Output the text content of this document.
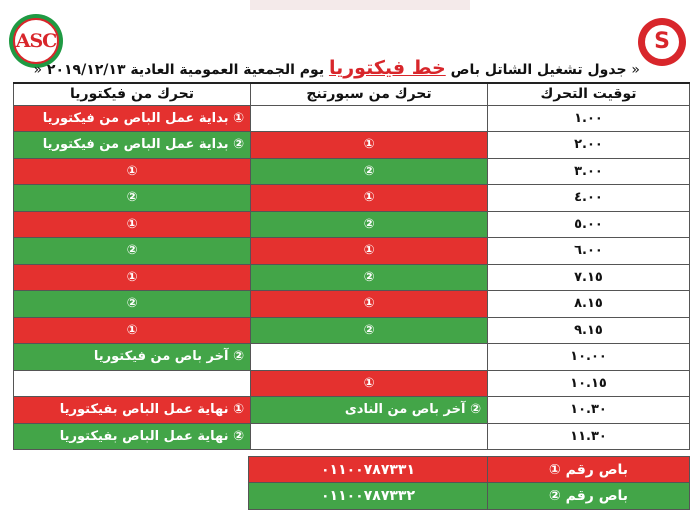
ASC	S
« جدول تشغيل الشاتل باص خط فيكتوريا يوم الجمعية العمومية العادية ٢٠١٩/١٢/١٣ «
توقيت التحرك	تحرك من سبورتنج	تحرك من فيكتوريا
١.٠٠		① بداية عمل الباص من فيكتوريا
٢.٠٠	①	② بداية عمل الباص من فيكتوريا
٣.٠٠	②	①
٤.٠٠	①	②
٥.٠٠	②	①
٦.٠٠	①	②
٧.١٥	②	①
٨.١٥	①	②
٩.١٥	②	①
١٠.٠٠		② آخر باص من فيكتوريا
١٠.١٥	①	
١٠.٣٠	② آخر باص من النادى	① نهاية عمل الباص بفيكتوريا
١١.٣٠		② نهاية عمل الباص بفيكتوريا
باص رقم ①	٠١١٠٠٧٨٧٣٣١
باص رقم ②	٠١١٠٠٧٨٧٣٣٢
